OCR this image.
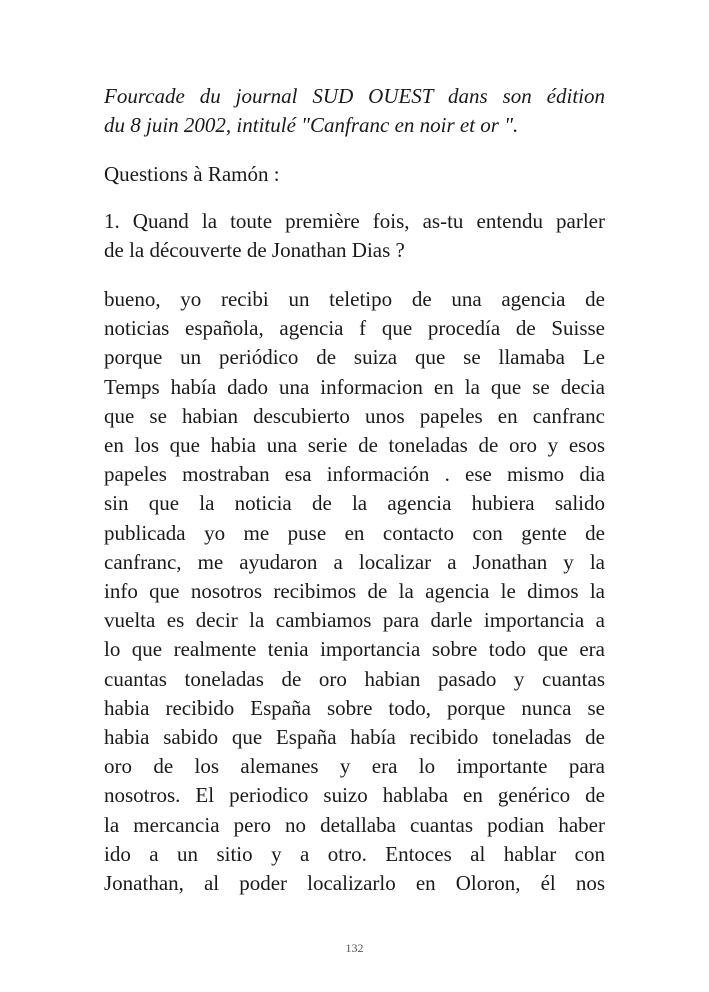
Fourcade du journal SUD OUEST dans son édition
du 8 juin 2002, intitulé "Canfranc en noir et or ".

Questions à Ramón :

1. Quand la toute première fois, as-tu entendu parler
de la découverte de Jonathan Dias ?

bueno, yo recibi un teletipo de una agencia de
noticias española, agencia f que procedía de Suisse
porque un periódico de suiza que se llamaba Le
Temps había dado una informacion en la que se decia
que se habian descubierto unos papeles en canfranc
en los que habia una serie de toneladas de oro y esos
papeles mostraban esa información . ese mismo dia
sin que la noticia de la agencia hubiera salido
publicada yo me puse en contacto con gente de
canfranc, me ayudaron a localizar a Jonathan y la
info que nosotros recibimos de la agencia le dimos la
vuelta es decir la cambiamos para darle importancia a
lo que realmente tenia importancia sobre todo que era
cuantas toneladas de oro habian pasado y cuantas
habia recibido España sobre todo, porque nunca se
habia sabido que España había recibido toneladas de
oro de los alemanes y era lo importante para
nosotros. El periodico suizo hablaba en genérico de
la mercancia pero no detallaba cuantas podian haber
ido a un sitio y a otro. Entoces al hablar con
Jonathan, al poder localizarlo en Oloron, él nos
132
